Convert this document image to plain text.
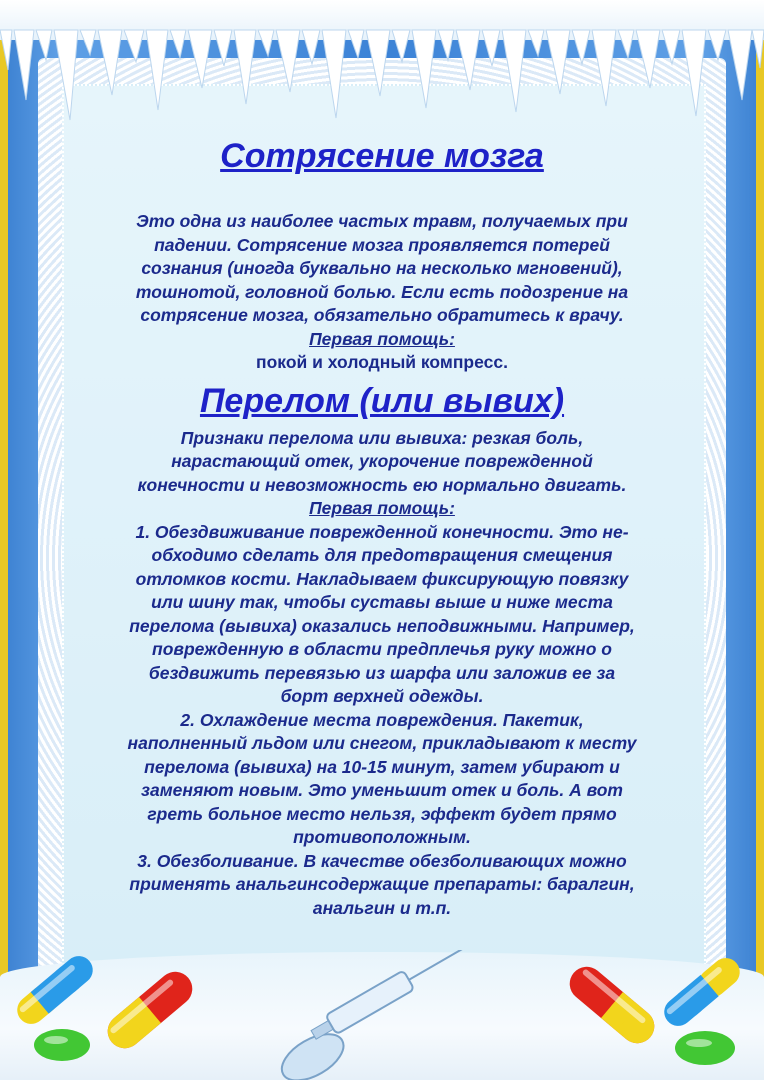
Сотрясение мозга

Это одна из наиболее частых травм, получаемых при

падении. Сотрясение мозга проявляется потерей

сознания (иногда буквально на несколько мгновений),

тошнотой, головной болью. Если есть подозрение на

сотрясение мозга, обязательно обратитесь к врачу.

Первая помощь:

покой и холодный компресс.

Перелом (или вывих)

Признаки перелома или вывиха: резкая боль,

нарастающий отек, укорочение поврежденной

конечности и невозможность ею нормально двигать.

Первая помощь:

1. Обездвиживание поврежденной конечности. Это не-

обходимо сделать для предотвращения смещения

отломков кости. Накладываем фиксирующую повязку

или шину так, чтобы суставы выше и ниже места

перелома (вывиха) оказались неподвижными. Например,

поврежденную в области предплечья руку можно о

бездвижить перевязью из шарфа или заложив ее за

борт верхней одежды.

2. Охлаждение места повреждения. Пакетик,

наполненный льдом или снегом, прикладывают к месту

перелома (вывиха) на 10-15 минут, затем убирают и

заменяют новым. Это уменьшит отек и боль. А вот

греть больное место нельзя, эффект будет прямо

противоположным.

3. Обезболивание. В качестве обезболивающих можно

применять анальгинсодержащие препараты: баралгин,

анальгин и т.п.
